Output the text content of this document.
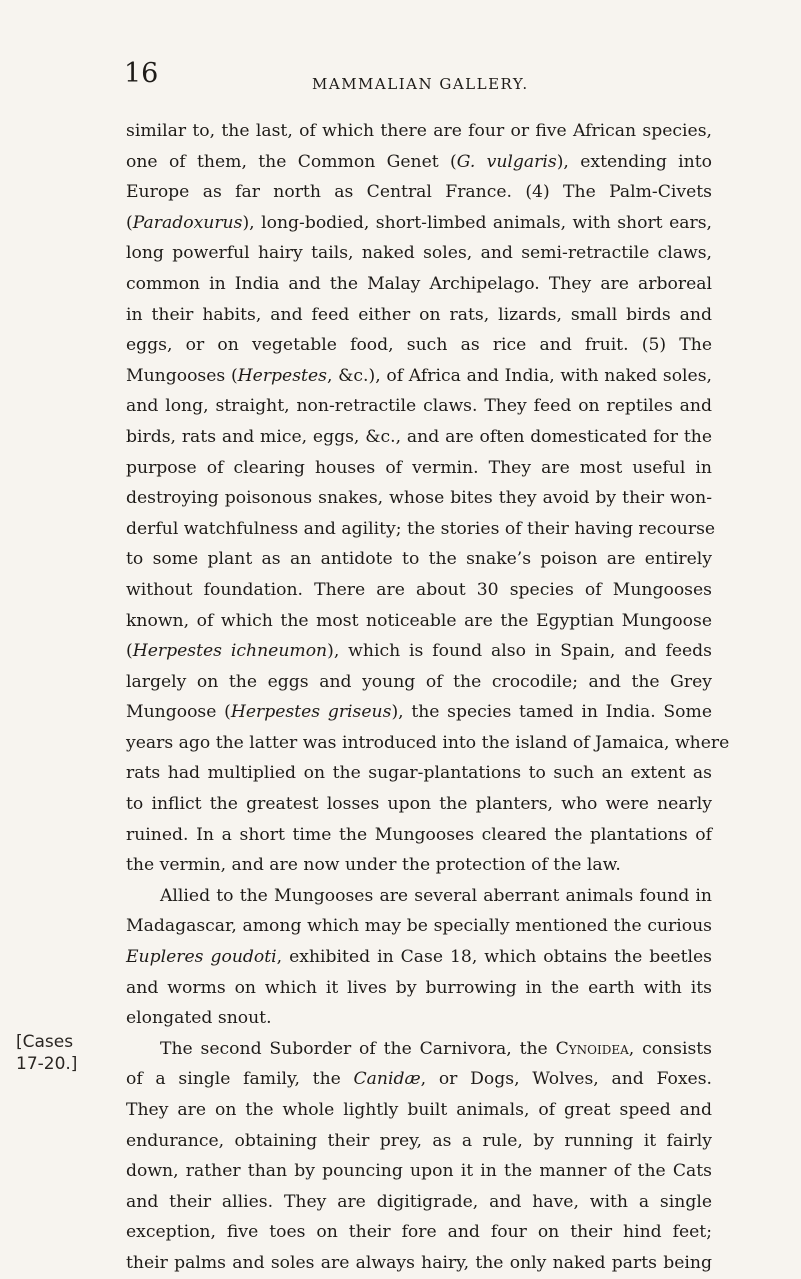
16	MAMMALIAN GALLERY.
[Cases
17-20.]
similar to, the last, of which there are four or five African species,
one of them, the Common Genet (G. vulgaris), extending into
Europe as far north as Central France. (4) The Palm-Civets
(Paradoxurus), long-bodied, short-limbed animals, with short ears,
long powerful hairy tails, naked soles, and semi-retractile claws,
common in India and the Malay Archipelago. They are arboreal
in their habits, and feed either on rats, lizards, small birds and
eggs, or on vegetable food, such as rice and fruit. (5) The
Mungooses (Herpestes, &c.), of Africa and India, with naked soles,
and long, straight, non-retractile claws. They feed on reptiles and
birds, rats and mice, eggs, &c., and are often domesticated for the
purpose of clearing houses of vermin. They are most useful in
destroying poisonous snakes, whose bites they avoid by their won-
derful watchfulness and agility; the stories of their having recourse
to some plant as an antidote to the snake’s poison are entirely
without foundation. There are about 30 species of Mungooses
known, of which the most noticeable are the Egyptian Mungoose
(Herpestes ichneumon), which is found also in Spain, and feeds
largely on the eggs and young of the crocodile; and the Grey
Mungoose (Herpestes griseus), the species tamed in India. Some
years ago the latter was introduced into the island of Jamaica, where
rats had multiplied on the sugar-plantations to such an extent as
to inflict the greatest losses upon the planters, who were nearly
ruined. In a short time the Mungooses cleared the plantations of
the vermin, and are now under the protection of the law.
Allied to the Mungooses are several aberrant animals found in
Madagascar, among which may be specially mentioned the curious
Eupleres goudoti, exhibited in Case 18, which obtains the beetles
and worms on which it lives by burrowing in the earth with its
elongated snout.
The second Suborder of the Carnivora, the Cynoidea, consists
of a single family, the Canidæ, or Dogs, Wolves, and Foxes.
They are on the whole lightly built animals, of great speed and
endurance, obtaining their prey, as a rule, by running it fairly
down, rather than by pouncing upon it in the manner of the Cats
and their allies. They are digitigrade, and have, with a single
exception, five toes on their fore and four on their hind feet;
their palms and soles are always hairy, the only naked parts being
